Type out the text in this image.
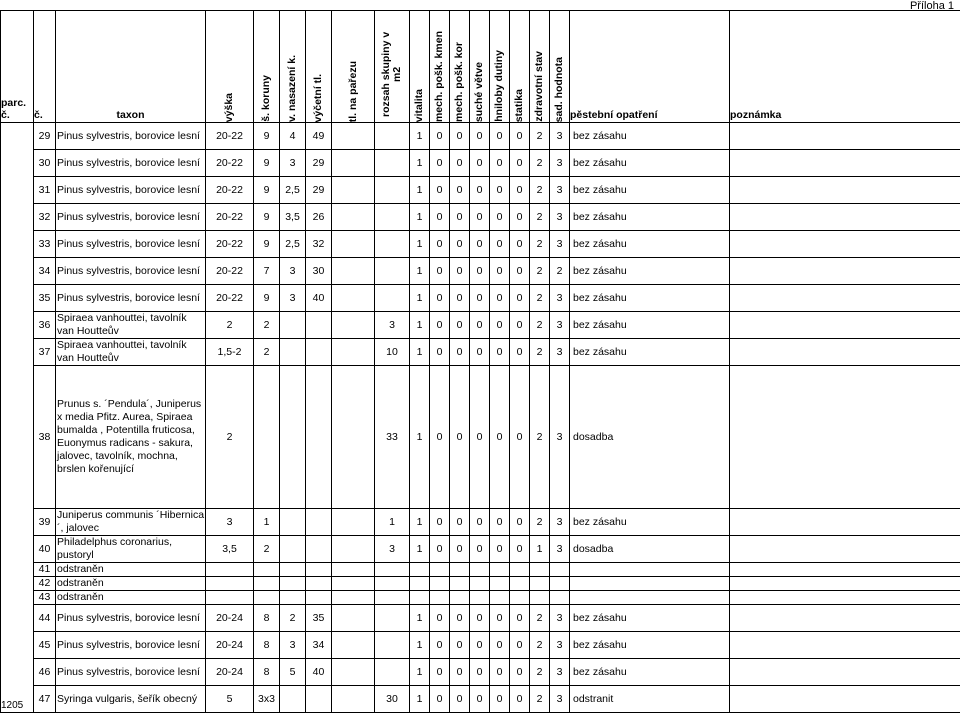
Příloha 1
parc. č.	č.	taxon	výška	š. koruny	v. nasazení k.	výčetní tl.	tl. na pařezu	rozsah skupiny v m2	vitalita	mech. pošk. kmen	mech. pošk. kor	suché větve	hniloby dutiny	statika	zdravotní stav	sad. hodnota	pěstební opatření	poznámka
1205	29	Pinus sylvestris, borovice lesní	20-22	9	4	49			1	0	0	0	0	0	2	3	bez zásahu	
	30	Pinus sylvestris, borovice lesní	20-22	9	3	29			1	0	0	0	0	0	2	3	bez zásahu	
	31	Pinus sylvestris, borovice lesní	20-22	9	2,5	29			1	0	0	0	0	0	2	3	bez zásahu	
	32	Pinus sylvestris, borovice lesní	20-22	9	3,5	26			1	0	0	0	0	0	2	3	bez zásahu	
	33	Pinus sylvestris, borovice lesní	20-22	9	2,5	32			1	0	0	0	0	0	2	3	bez zásahu	
	34	Pinus sylvestris, borovice lesní	20-22	7	3	30			1	0	0	0	0	0	2	2	bez zásahu	
	35	Pinus sylvestris, borovice lesní	20-22	9	3	40			1	0	0	0	0	0	2	3	bez zásahu	
	36	Spiraea vanhouttei, tavolník van Houtteův	2	2				3	1	0	0	0	0	0	2	3	bez zásahu	
	37	Spiraea vanhouttei, tavolník van Houtteův	1,5-2	2				10	1	0	0	0	0	0	2	3	bez zásahu	
	38	Prunus s. ´Pendula´, Juniperus x media Pfitz. Aurea, Spiraea bumalda , Potentilla fruticosa, Euonymus radicans - sakura, jalovec, tavolník, mochna, brslen kořenující	2					33	1	0	0	0	0	0	2	3	dosadba	
	39	Juniperus communis ´Hibernica´, jalovec	3	1				1	1	0	0	0	0	0	2	3	bez zásahu	
	40	Philadelphus coronarius, pustoryl	3,5	2				3	1	0	0	0	0	0	1	3	dosadba	
	41	odstraněn																
	42	odstraněn																
	43	odstraněn																
	44	Pinus sylvestris, borovice lesní	20-24	8	2	35			1	0	0	0	0	0	2	3	bez zásahu	
	45	Pinus sylvestris, borovice lesní	20-24	8	3	34			1	0	0	0	0	0	2	3	bez zásahu	
	46	Pinus sylvestris, borovice lesní	20-24	8	5	40			1	0	0	0	0	0	2	3	bez zásahu	
	47	Syringa vulgaris, šeřík obecný	5	3x3				30	1	0	0	0	0	0	2	3	odstranit	
